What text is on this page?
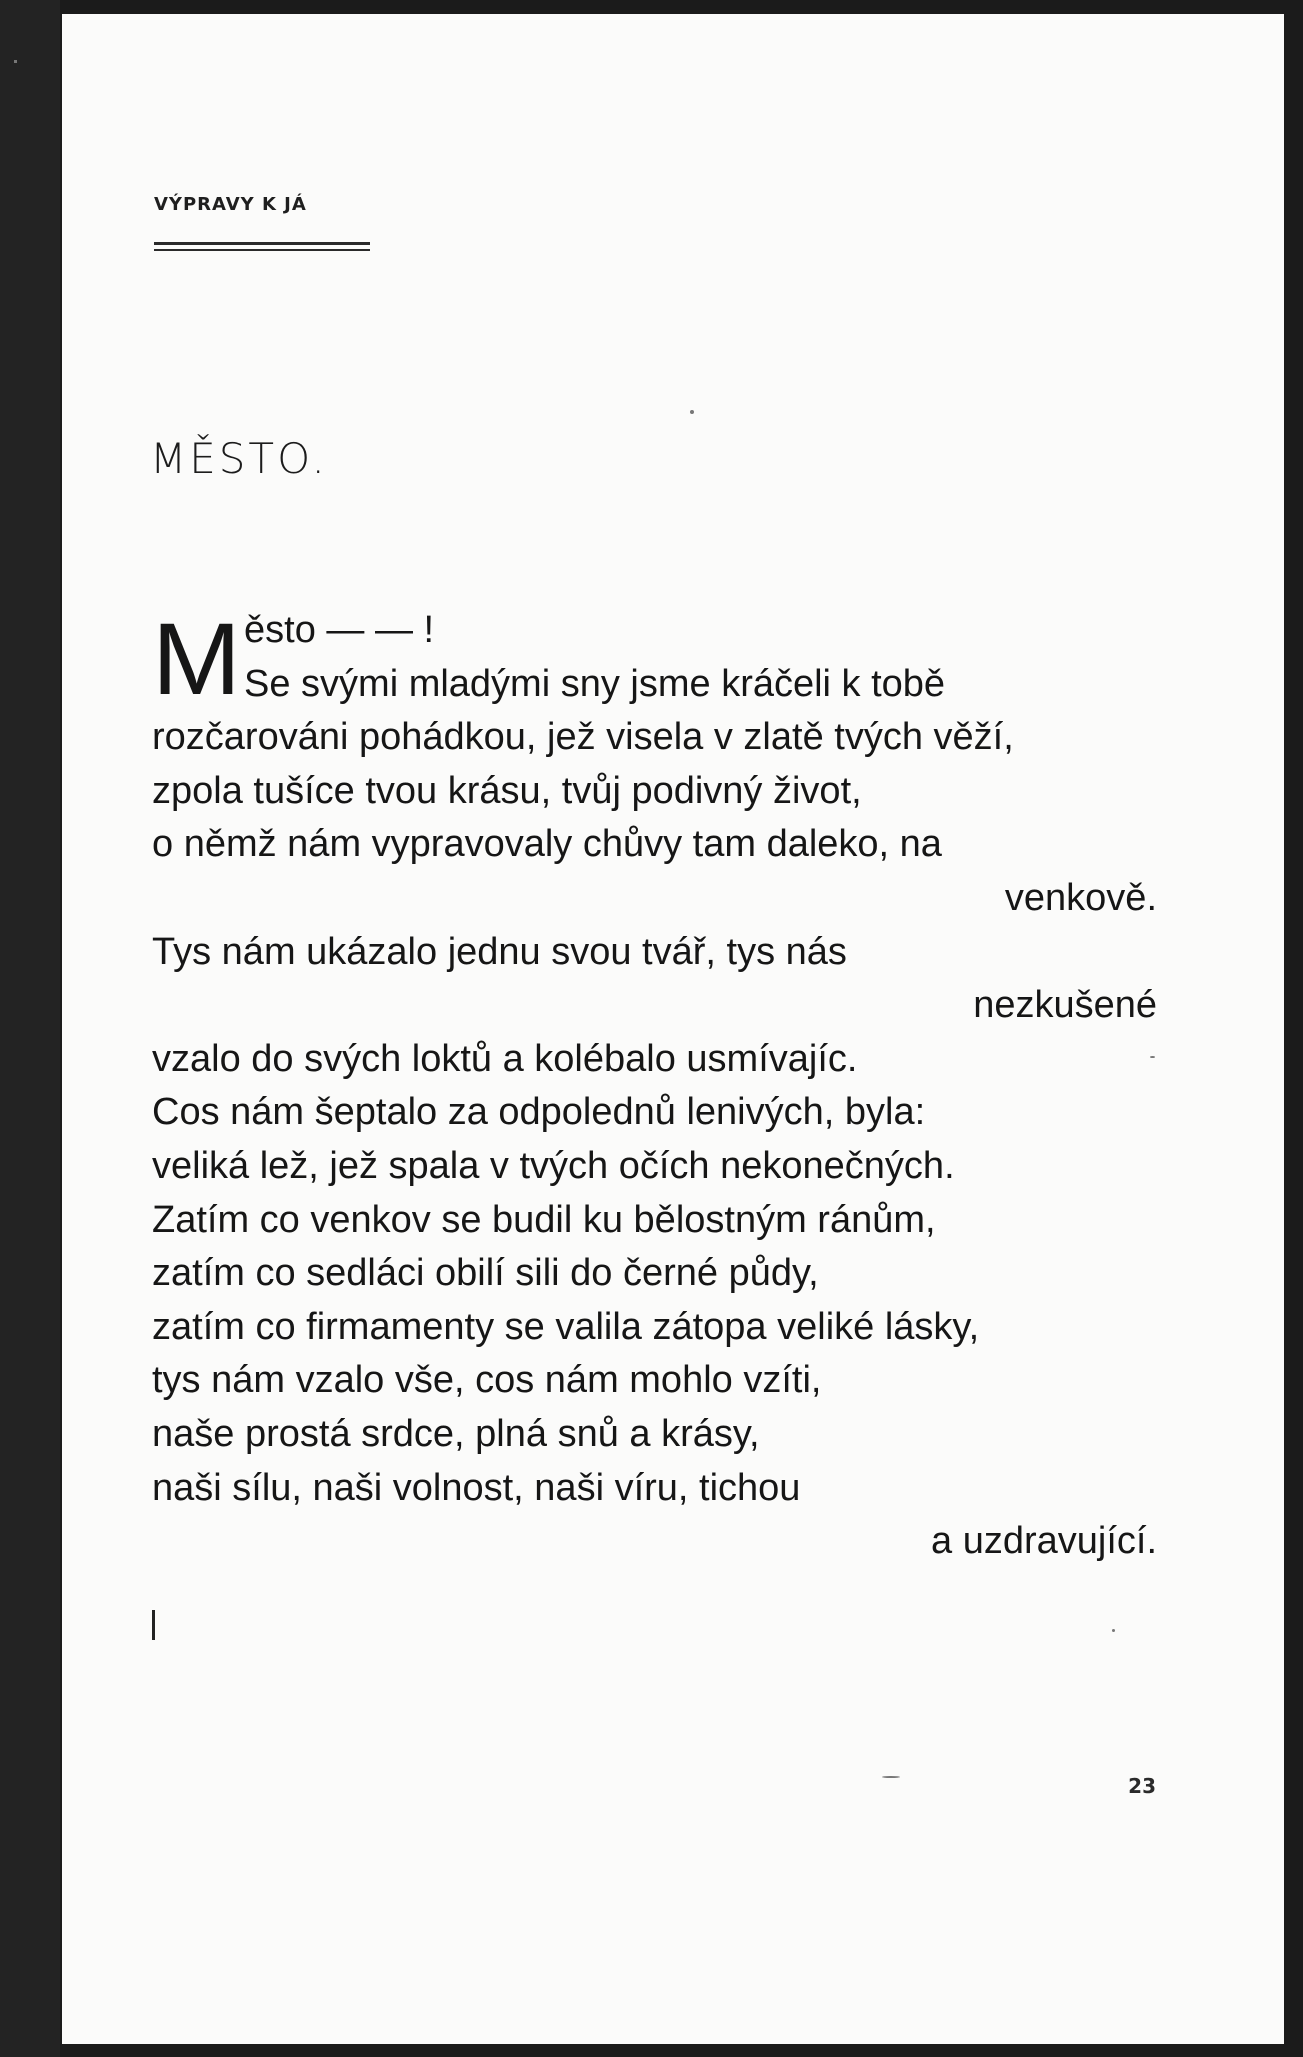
VÝPRAVY K JÁ
MĚSTO.
M ěsto — — !
Se svými mladými sny jsme kráčeli k tobě
rozčarováni pohádkou, jež visela v zlatě tvých věží,
zpola tušíce tvou krásu, tvůj podivný život,
o němž nám vypravovaly chůvy tam daleko, na
venkově.
Tys nám ukázalo jednu svou tvář, tys nás
nezkušené
vzalo do svých loktů a kolébalo usmívajíc.
Cos nám šeptalo za odpolednů lenivých, byla:
veliká lež, jež spala v tvých očích nekonečných.
Zatím co venkov se budil ku bělostným ránům,
zatím co sedláci obilí sili do černé půdy,
zatím co firmamenty se valila zátopa veliké lásky,
tys nám vzalo vše, cos nám mohlo vzíti,
naše prostá srdce, plná snů a krásy,
naši sílu, naši volnost, naši víru, tichou
a uzdravující.
23
